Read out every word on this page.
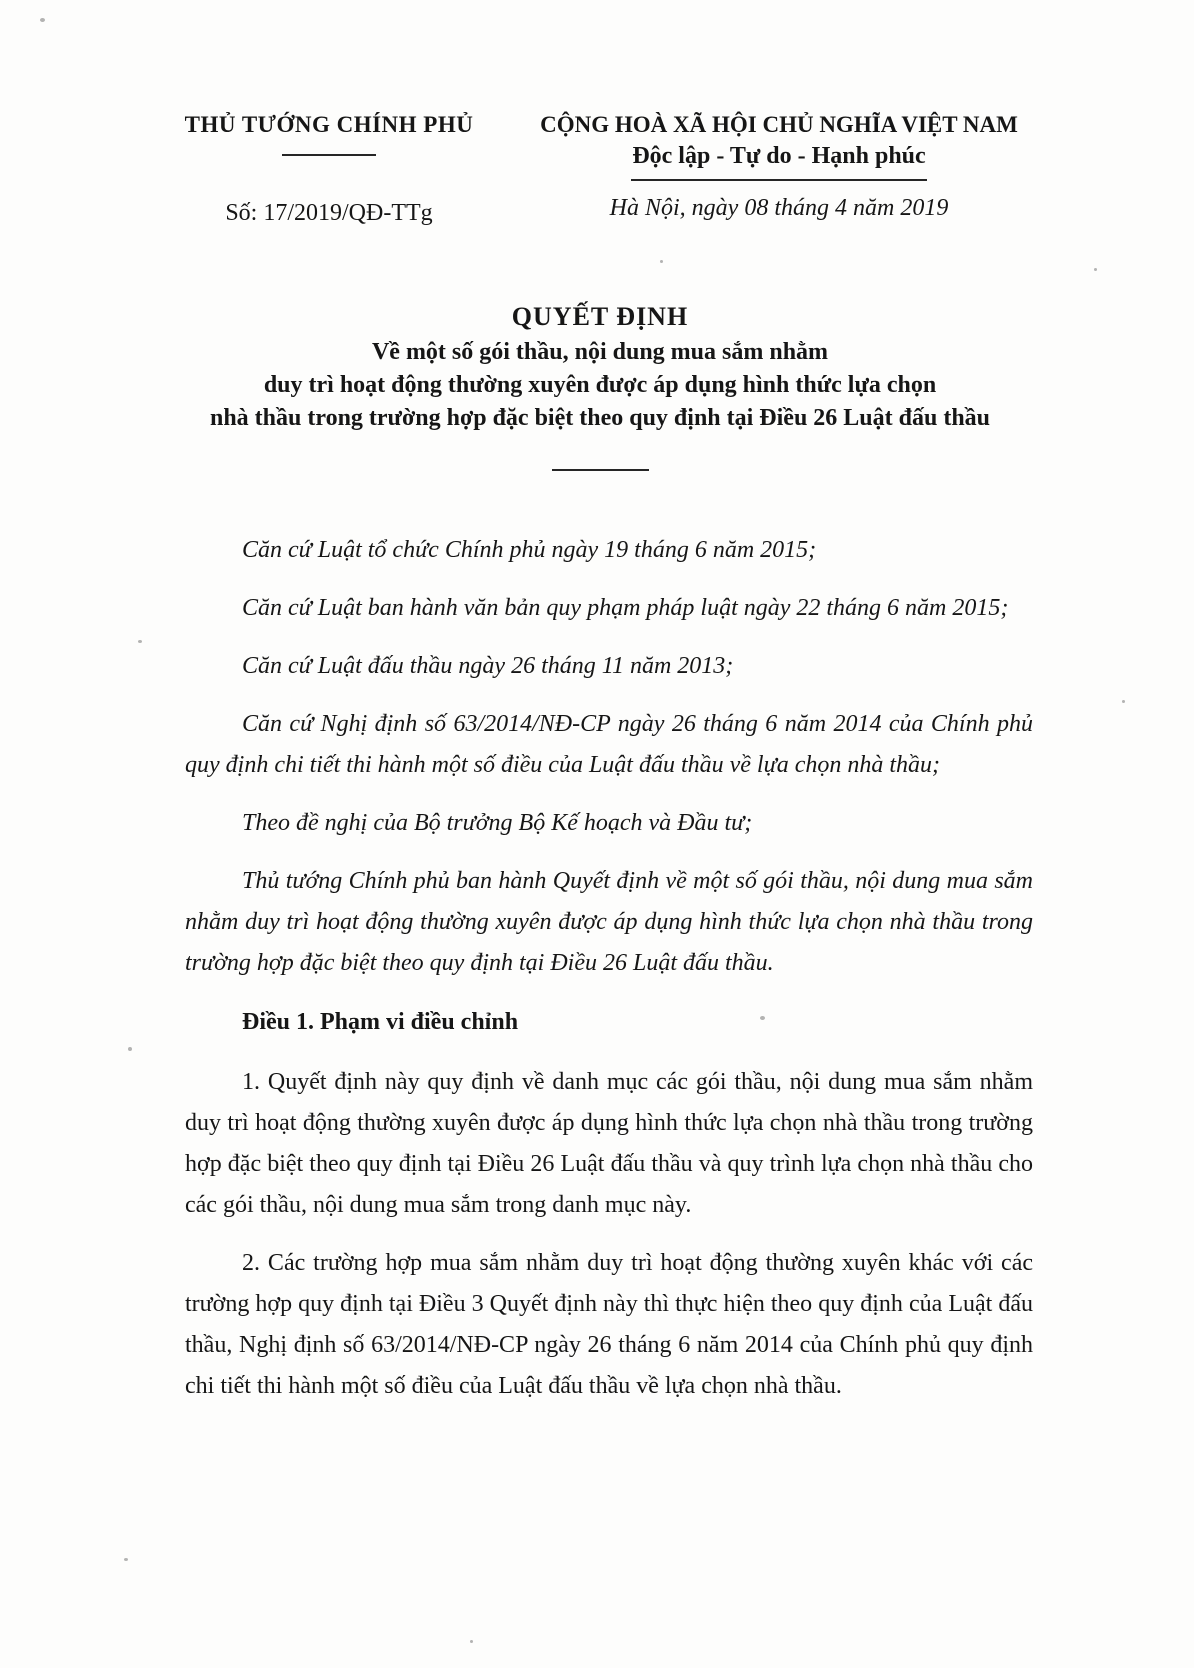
THỦ TƯỚNG CHÍNH PHỦ
Số: 17/2019/QĐ-TTg
CỘNG HOÀ XÃ HỘI CHỦ NGHĨA VIỆT NAM
Độc lập - Tự do - Hạnh phúc
Hà Nội, ngày 08 tháng 4 năm 2019
QUYẾT ĐỊNH
Về một số gói thầu, nội dung mua sắm nhằm
duy trì hoạt động thường xuyên được áp dụng hình thức lựa chọn
nhà thầu trong trường hợp đặc biệt theo quy định tại Điều 26 Luật đấu thầu

Căn cứ Luật tổ chức Chính phủ ngày 19 tháng 6 năm 2015;

Căn cứ Luật ban hành văn bản quy phạm pháp luật ngày 22 tháng 6 năm 2015;

Căn cứ Luật đấu thầu ngày 26 tháng 11 năm 2013;

Căn cứ Nghị định số 63/2014/NĐ-CP ngày 26 tháng 6 năm 2014 của Chính phủ quy định chi tiết thi hành một số điều của Luật đấu thầu về lựa chọn nhà thầu;

Theo đề nghị của Bộ trưởng Bộ Kế hoạch và Đầu tư;

Thủ tướng Chính phủ ban hành Quyết định về một số gói thầu, nội dung mua sắm nhằm duy trì hoạt động thường xuyên được áp dụng hình thức lựa chọn nhà thầu trong trường hợp đặc biệt theo quy định tại Điều 26 Luật đấu thầu.

Điều 1. Phạm vi điều chỉnh

1. Quyết định này quy định về danh mục các gói thầu, nội dung mua sắm nhằm duy trì hoạt động thường xuyên được áp dụng hình thức lựa chọn nhà thầu trong trường hợp đặc biệt theo quy định tại Điều 26 Luật đấu thầu và quy trình lựa chọn nhà thầu cho các gói thầu, nội dung mua sắm trong danh mục này.

2. Các trường hợp mua sắm nhằm duy trì hoạt động thường xuyên khác với các trường hợp quy định tại Điều 3 Quyết định này thì thực hiện theo quy định của Luật đấu thầu, Nghị định số 63/2014/NĐ-CP ngày 26 tháng 6 năm 2014 của Chính phủ quy định chi tiết thi hành một số điều của Luật đấu thầu về lựa chọn nhà thầu.
